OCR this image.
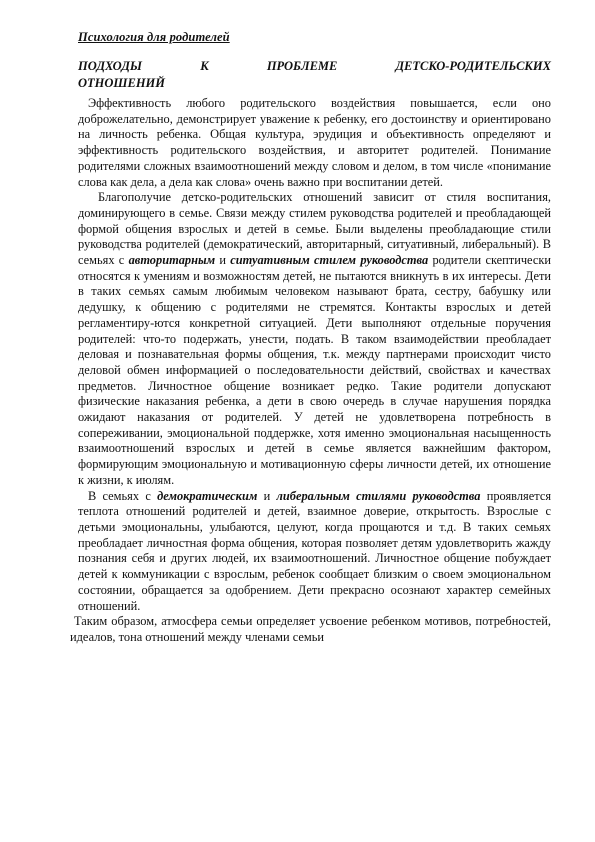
Психология для родителей
ПОДХОДЫ	К	ПРОБЛЕМЕ	ДЕТСКО-РОДИТЕЛЬСКИХ
ОТНОШЕНИЙ

Эффективность любого родительского воздействия повышается, если оно доброжелательно, демонстрирует уважение к ребенку, его достоинству и ориентировано на личность ребенка. Общая культура, эрудиция и объективность определяют и эффективность родительского воздействия, и авторитет родителей. Понимание родителями сложных взаимоотношений между словом и делом, в том числе «понимание слова как дела, а дела как слова» очень важно при воспитании детей.

Благополучие детско-родительских отношений зависит от стиля воспитания, доминирующего в семье. Связи между стилем руководства родителей и преобладающей формой общения взрослых и детей в семье. Были выделены преобладающие стили руководства родителей (демократический, авторитарный, ситуативный, либеральный). В семьях с авторитарным и ситуативным стилем руководства родители скептически относятся к умениям и возможностям детей, не пытаются вникнуть в их интересы. Дети в таких семьях самым любимым человеком называют брата, сестру, бабушку или дедушку, к общению с родителями не стремятся. Контакты взрослых и детей регламентиру-ются конкретной ситуацией. Дети выполняют отдельные поручения родителей: что-то подержать, унести, подать. В таком взаимодействии преобладает деловая и познавательная формы общения, т.к. между партнерами происходит чисто деловой обмен информацией о последовательности действий, свойствах и качествах предметов. Личностное общение возникает редко. Такие родители допускают физические наказания ребенка, а дети в свою очередь в случае нарушения порядка ожидают наказания от родителей. У детей не удовлетворена потребность в сопереживании, эмоциональной поддержке, хотя именно эмоциональная насыщенность взаимоотношений взрослых и детей в семье является важнейшим фактором, формирующим эмоциональную и мотивационную сферы личности детей, их отношение к жизни, к июлям.

В семьях с демократическим и либеральным стилями руководства проявляется теплота отношений родителей и детей, взаимное доверие, открытость. Взрослые с детьми эмоциональны, улыбаются, целуют, когда прощаются и т.д. В таких семьях преобладает личностная форма общения, которая позволяет детям удовлетворить жажду познания себя и других людей, их взаимоотношений. Личностное общение побуждает детей к коммуникации с взрослым, ребенок сообщает близким о своем эмоциональном состоянии, обращается за одобрением. Дети прекрасно осознают характер семейных отношений.

Таким образом, атмосфера семьи определяет усвоение ребенком мотивов, потребностей, идеалов, тона отношений между членами семьи
